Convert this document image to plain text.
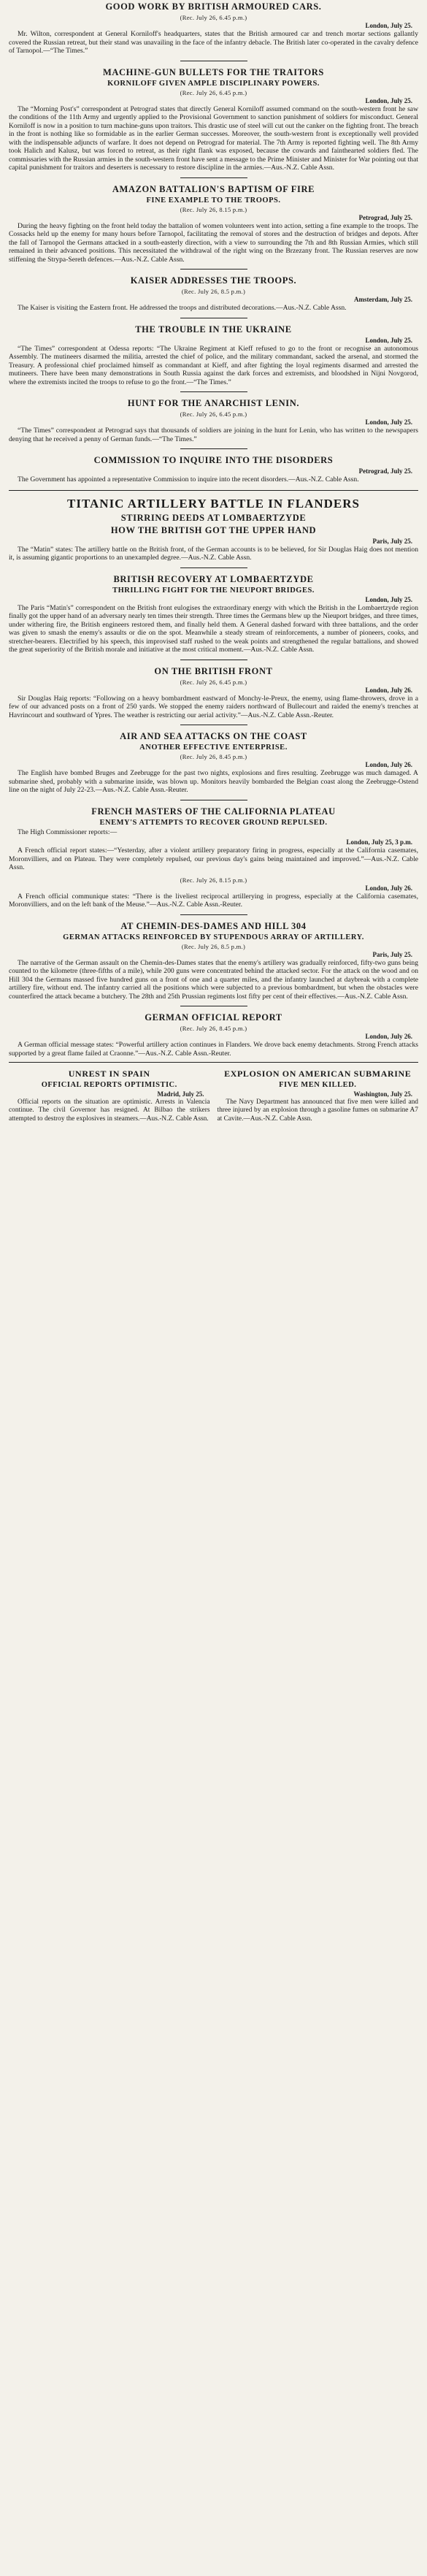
GOOD WORK BY BRITISH ARMOURED CARS.
(Rec. July 26, 6.45 p.m.)
London, July 25.
Mr. Wilton, correspondent at General Korniloff's headquarters, states that the British armoured car and trench mortar sections gallantly covered the Russian retreat, but their stand was unavailing in the face of the infantry debacle. The British later co-operated in the cavalry defence of Tarnopol.—“The Times.”
MACHINE-GUN BULLETS FOR THE TRAITORS
KORNILOFF GIVEN AMPLE DISCIPLINARY POWERS.
(Rec. July 26, 6.45 p.m.)
London, July 25.
The “Morning Post's” correspondent at Petrograd states that directly General Korniloff assumed command on the south-western front he saw the conditions of the 11th Army and urgently applied to the Provisional Government to sanction punishment of soldiers for misconduct. General Korniloff is now in a position to turn machine-guns upon traitors. This drastic use of steel will cut out the canker on the fighting front. The breach in the front is nothing like so formidable as in the earlier German successes. Moreover, the south-western front is exceptionally well provided with the indispensable adjuncts of warfare. It does not depend on Petrograd for material. The 7th Army is reported fighting well. The 8th Army took Halich and Kalusz, but was forced to retreat, as their right flank was exposed, because the cowards and fainthearted soldiers fled. The commissaries with the Russian armies in the south-western front have sent a message to the Prime Minister and Minister for War pointing out that capital punishment for traitors and deserters is necessary to restore discipline in the armies.—Aus.-N.Z. Cable Assn.
AMAZON BATTALION'S BAPTISM OF FIRE
FINE EXAMPLE TO THE TROOPS.
(Rec. July 26, 8.15 p.m.)
Petrograd, July 25.
During the heavy fighting on the front held today the battalion of women volunteers went into action, setting a fine example to the troops. The Cossacks held up the enemy for many hours before Tarnopol, facilitating the removal of stores and the destruction of bridges and depots. After the fall of Tarnopol the Germans attacked in a south-easterly direction, with a view to surrounding the 7th and 8th Russian Armies, which still remained in their advanced positions. This necessitated the withdrawal of the right wing on the Brzezany front. The Russian reserves are now stiffening the Strypa-Sereth defences.—Aus.-N.Z. Cable Assn.
KAISER ADDRESSES THE TROOPS.
(Rec. July 26, 8.5 p.m.)
Amsterdam, July 25.
The Kaiser is visiting the Eastern front. He addressed the troops and distributed decorations.—Aus.-N.Z. Cable Assn.
THE TROUBLE IN THE UKRAINE
London, July 25.
“The Times” correspondent at Odessa reports: “The Ukraine Regiment at Kieff refused to go to the front or recognise an autonomous Assembly. The mutineers disarmed the militia, arrested the chief of police, and the military commandant, sacked the arsenal, and stormed the Treasury. A professional chief proclaimed himself as commandant at Kieff, and after fighting the loyal regiments disarmed and arrested the mutineers. There have been many demonstrations in South Russia against the dark forces and extremists, and bloodshed in Nijni Novgorod, where the extremists incited the troops to refuse to go the front.—“The Times.”
HUNT FOR THE ANARCHIST LENIN.
(Rec. July 26, 6.45 p.m.)
London, July 25.
“The Times” correspondent at Petrograd says that thousands of soldiers are joining in the hunt for Lenin, who has written to the newspapers denying that he received a penny of German funds.—“The Times.”
COMMISSION TO INQUIRE INTO THE DISORDERS
Petrograd, July 25.
The Government has appointed a representative Commission to inquire into the recent disorders.—Aus.-N.Z. Cable Assn.
TITANIC ARTILLERY BATTLE IN FLANDERS
STIRRING DEEDS AT LOMBAERTZYDE
HOW THE BRITISH GOT THE UPPER HAND
Paris, July 25.
The “Matin” states: The artillery battle on the British front, of the German accounts is to be believed, for Sir Douglas Haig does not mention it, is assuming gigantic proportions to an unexampled degree.—Aus.-N.Z. Cable Assn.
BRITISH RECOVERY AT LOMBAERTZYDE
THRILLING FIGHT FOR THE NIEUPORT BRIDGES.
London, July 25.
The Paris “Matin's” correspondent on the British front eulogises the extraordinary energy with which the British in the Lombaertzyde region finally got the upper hand of an adversary nearly ten times their strength. Three times the Germans blew up the Nieuport bridges, and three times, under withering fire, the British engineers restored them, and finally held them. A General dashed forward with three battalions, and the order was given to smash the enemy's assaults or die on the spot. Meanwhile a steady stream of reinforcements, a number of pioneers, cooks, and stretcher-bearers. Electrified by his speech, this improvised staff rushed to the weak points and strengthened the regular battalions, and showed the great superiority of the British morale and initiative at the most critical moment.—Aus.-N.Z. Cable Assn.
ON THE BRITISH FRONT
(Rec. July 26, 6.45 p.m.)
London, July 26.
Sir Douglas Haig reports: “Following on a heavy bombardment eastward of Monchy-le-Preux, the enemy, using flame-throwers, drove in a few of our advanced posts on a front of 250 yards. We stopped the enemy raiders northward of Bullecourt and raided the enemy's trenches at Havrincourt and southward of Ypres. The weather is restricting our aerial activity.”—Aus.-N.Z. Cable Assn.-Reuter.
AIR AND SEA ATTACKS ON THE COAST
ANOTHER EFFECTIVE ENTERPRISE.
(Rec. July 26, 8.45 p.m.)
London, July 26.
The English have bombed Bruges and Zeebrugge for the past two nights, explosions and fires resulting. Zeebrugge was much damaged. A submarine shed, probably with a submarine inside, was blown up. Monitors heavily bombarded the Belgian coast along the Zeebrugge-Ostend line on the night of July 22-23.—Aus.-N.Z. Cable Assn.-Reuter.
FRENCH MASTERS OF THE CALIFORNIA PLATEAU
ENEMY'S ATTEMPTS TO RECOVER GROUND REPULSED.
The High Commissioner reports:—
London, July 25, 3 p.m.
A French official report states:—“Yesterday, after a violent artillery preparatory firing in progress, especially at the California casemates, Moronvilliers, and on Plateau. They were completely repulsed, our previous day's gains being maintained and improved.”—Aus.-N.Z. Cable Assn.
(Rec. July 26, 8.15 p.m.)
London, July 26.
A French official communique states: “There is the liveliest reciprocal artillerying in progress, especially at the California casemates, Moronvilliers, and on the left bank of the Meuse.”—Aus.-N.Z. Cable Assn.-Reuter.
AT CHEMIN-DES-DAMES AND HILL 304
GERMAN ATTACKS REINFORCED BY STUPENDOUS ARRAY OF ARTILLERY.
(Rec. July 26, 8.5 p.m.)
Paris, July 25.
The narrative of the German assault on the Chemin-des-Dames states that the enemy's artillery was gradually reinforced, fifty-two guns being counted to the kilometre (three-fifths of a mile), while 200 guns were concentrated behind the attacked sector. For the attack on the wood and on Hill 304 the Germans massed five hundred guns on a front of one and a quarter miles, and the infantry launched at daybreak with a complete artillery fire, without end. The infantry carried all the positions which were subjected to a previous bombardment, but when the obstacles were counterfired the attack became a butchery. The 28th and 25th Prussian regiments lost fifty per cent of their effectives.—Aus.-N.Z. Cable Assn.
GERMAN OFFICIAL REPORT
(Rec. July 26, 8.45 p.m.)
London, July 26.
A German official message states: “Powerful artillery action continues in Flanders. We drove back enemy detachments. Strong French attacks supported by a great flame failed at Craonne.”—Aus.-N.Z. Cable Assn.-Reuter.
UNREST IN SPAIN
OFFICIAL REPORTS OPTIMISTIC.
Madrid, July 25.
Official reports on the situation are optimistic. Arrests in Valencia continue. The civil Governor has resigned. At Bilbao the strikers attempted to destroy the explosives in steamers.—Aus.-N.Z. Cable Assn.
EXPLOSION ON AMERICAN SUBMARINE
FIVE MEN KILLED.
Washington, July 25.
The Navy Department has announced that five men were killed and three injured by an explosion through a gasoline fumes on submarine A7 at Cavite.—Aus.-N.Z. Cable Assn.
